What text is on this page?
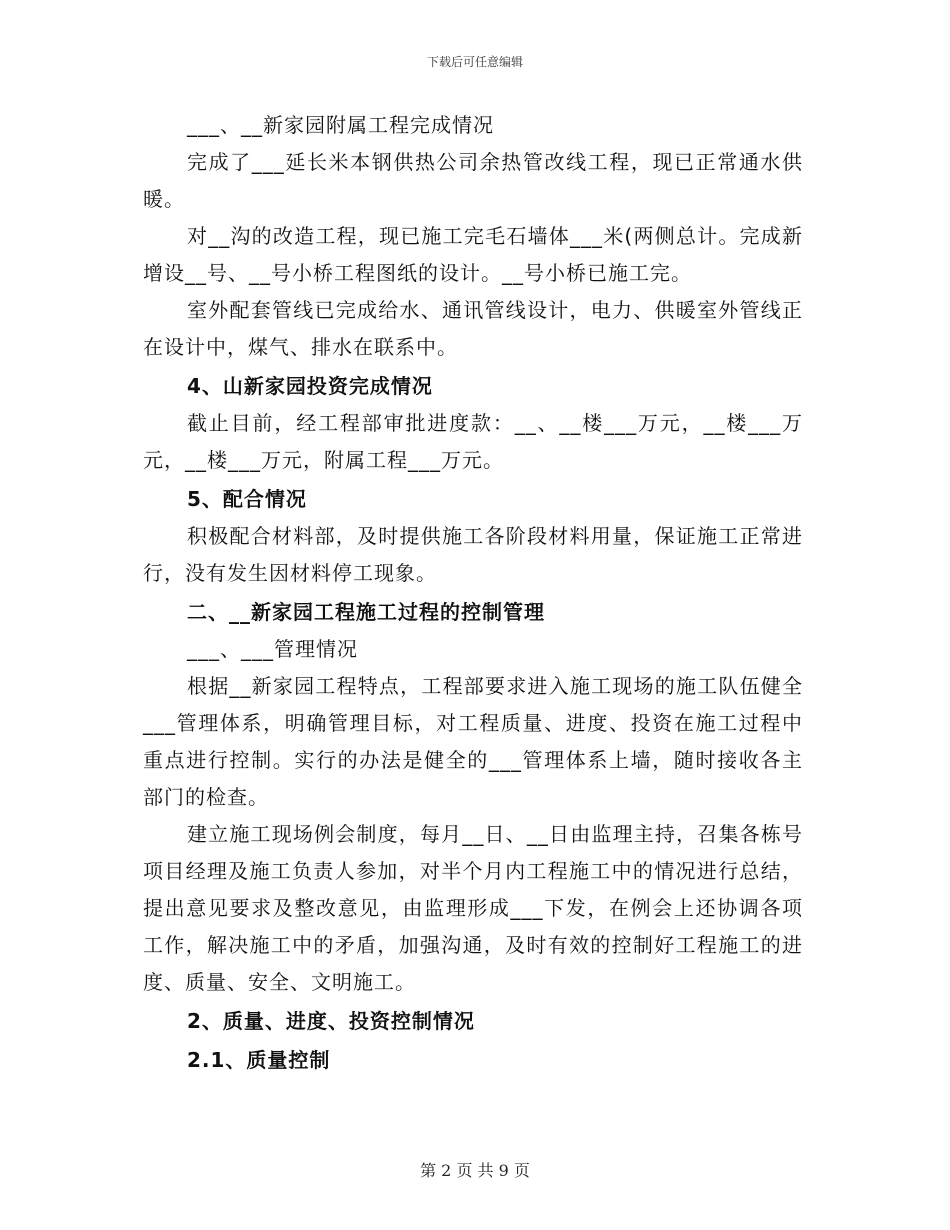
下载后可任意编辑

___、__新家园附属工程完成情况

完成了___延长米本钢供热公司余热管改线工程，现已正常通水供暖。

对__沟的改造工程，现已施工完毛石墙体___米(两侧总计。完成新增设__号、__号小桥工程图纸的设计。__号小桥已施工完。

室外配套管线已完成给水、通讯管线设计，电力、供暖室外管线正在设计中，煤气、排水在联系中。

4、山新家园投资完成情况

截止目前，经工程部审批进度款：__、__楼___万元，__楼___万元，__楼___万元，附属工程___万元。

5、配合情况

积极配合材料部，及时提供施工各阶段材料用量，保证施工正常进行，没有发生因材料停工现象。

二、__新家园工程施工过程的控制管理

___、___管理情况

根据__新家园工程特点，工程部要求进入施工现场的施工队伍健全___管理体系，明确管理目标，对工程质量、进度、投资在施工过程中重点进行控制。实行的办法是健全的___管理体系上墙，随时接收各主部门的检查。

建立施工现场例会制度，每月__日、__日由监理主持，召集各栋号项目经理及施工负责人参加，对半个月内工程施工中的情况进行总结，提出意见要求及整改意见，由监理形成___下发，在例会上还协调各项工作，解决施工中的矛盾，加强沟通，及时有效的控制好工程施工的进度、质量、安全、文明施工。

2、质量、进度、投资控制情况

2.1、质量控制

第 2 页 共 9 页
